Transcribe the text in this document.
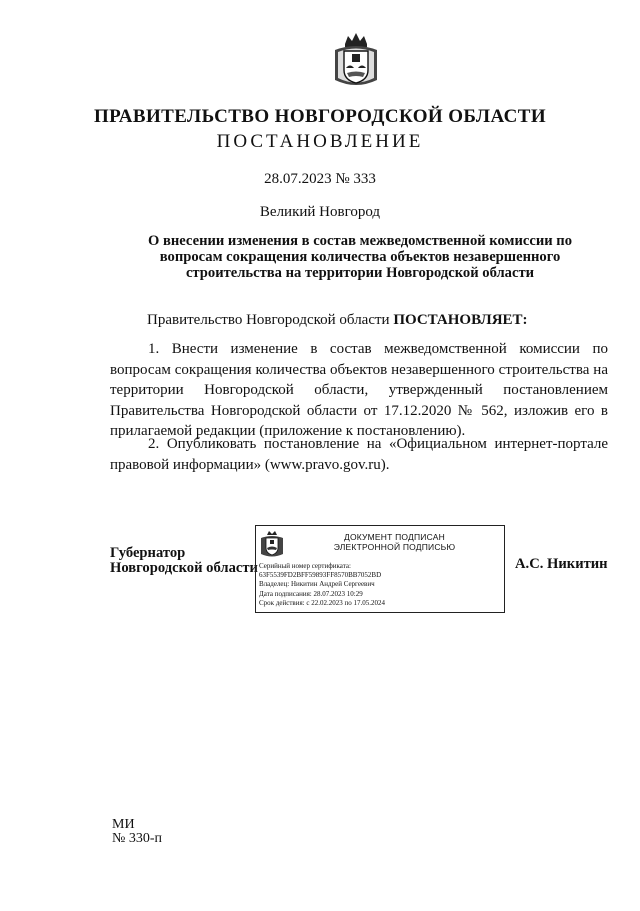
ПРАВИТЕЛЬСТВО НОВГОРОДСКОЙ ОБЛАСТИ
ПОСТАНОВЛЕНИЕ
28.07.2023 № 333
Великий Новгород
О внесении изменения в состав межведомственной комиссии по вопросам сокращения количества объектов незавершенного строительства на территории Новгородской области
Правительство Новгородской области ПОСТАНОВЛЯЕТ:
1. Внести изменение в состав межведомственной комиссии по вопросам сокращения количества объектов незавершенного строительства на территории Новгородской области, утвержденный постановлением Правительства Новгородской области от 17.12.2020 № 562, изложив его в прилагаемой редакции (приложение к постановлению).
2. Опубликовать постановление на «Официальном интернет-портале правовой информации» (www.pravo.gov.ru).
Губернатор
Новгородской области
ДОКУМЕНТ ПОДПИСАН
ЭЛЕКТРОННОЙ ПОДПИСЬЮ
Серийный номер сертификата:
63F5539FD2BFF59893FF8570BB7052BD
Владелец: Никитин Андрей Сергеевич
Дата подписания: 28.07.2023 10:29
Срок действия: с 22.02.2023 по 17.05.2024
А.С. Никитин
МИ
№ 330-п
